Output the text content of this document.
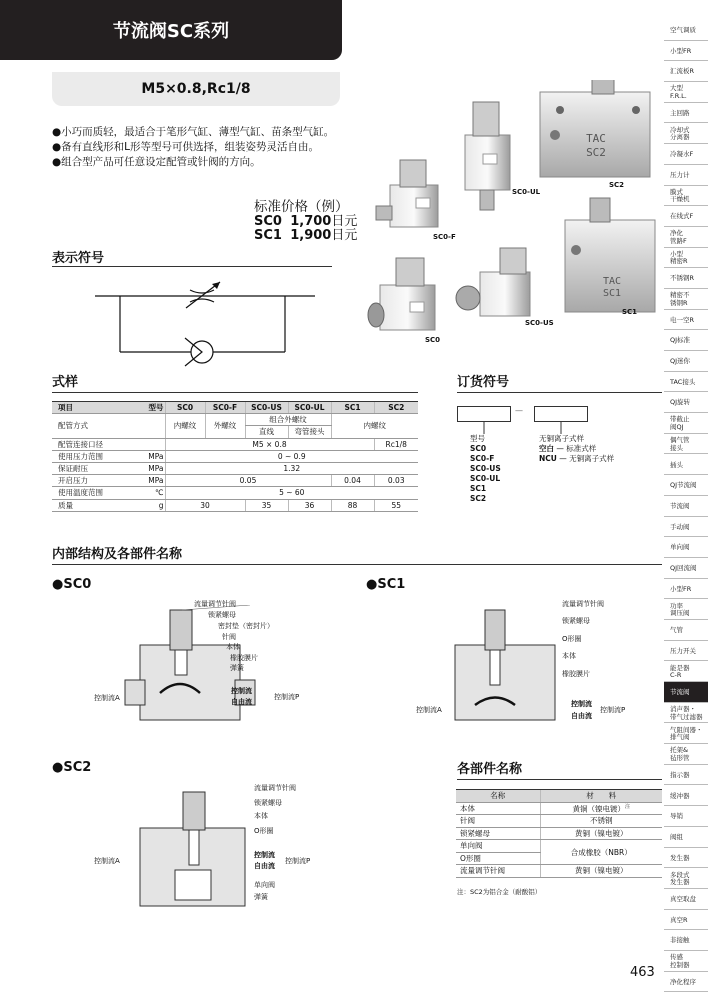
节流阀SC系列
M5×0.8,Rc1/8
●小巧而质轻，最适合于笔形气缸、薄型气缸、苗条型气缸。
●备有直线形和L形等型号可供选择，组装姿势灵活自由。
●组合型产品可任意设定配管或针阀的方向。
标准价格（例）
SC0 1,700日元
SC1 1,900日元
TAC
SC2
TAC
SC1
SC0-UL
SC2
SC0-F
SC1
SC0-US
SC0
表示符号
式样
项目	型号	SC0	SC0-F	SC0-US	SC0-UL	SC1	SC2
配管方式		内螺纹	外螺纹	组合外螺纹		内螺纹	
				直线	弯管接头		
配管连接口径		M5 × 0.8					Rc1/8
使用压力范围	MPa	0 ~ 0.9					
保证耐压	MPa	1.32					
开启压力	MPa	0.05				0.04	0.03
使用温度范围	℃	5 ~ 60					
质量	g	30		35	36	88	55
订货符号
—
型号
SC0
SC0-F
SC0-US
SC0-UL
SC1
SC2
无铜离子式样
空白 — 标准式样
NCU — 无铜离子式样
内部结构及各部件名称
●SC0
流量调节针阀
锁紧螺母
密封垫（密封片）
针阀
本体
橡胶膜片
弹簧
控制流A
控制流
自由流
控制流P
●SC1
流量调节针阀
锁紧螺母
O形圈
本体
橡胶膜片
控制流A
控制流
自由流
控制流P
●SC2
流量调节针阀
锁紧螺母
本体
O形圈
控制流A
控制流
自由流
控制流P
单向阀
弹簧
各部件名称
名称	材　　料
本体	黄铜（镍电镀）$^注$
针阀	不锈钢
锁紧螺母	黄铜（镍电镀）
单向阀	合成橡胶（NBR）
O形圈	
流量调节针阀	黄铜（镍电镀）
注：SC2为铝合金（耐酸铝）
空气调质
小型FR
汇流板R
大型
F.R.L.
主回路
冷却式
分离器
冷凝水F
压力计
膜式
干燥机
在线式F
净化
管路F
小型
精密R
不锈钢R
精密不
锈钢R
电一空R
QJ标准
QJ迷你
TAC接头
QJ旋转
带截止
阀QJ
偶气管
接头
插头
QJ节流阀
节流阀
手动阀
单向阀
QJ回流阀
小型FR
功率
调压阀
气管
压力开关
能是器
C-R
节流阀
消声器・
带气过滤器
气阻间器・
排气阀
托架&
毡形管
指示器
缓冲器
导销
阀组
发生器
多段式
发生器
真空取盘
真空R
非接触
传感
控制器
净化程序
463
